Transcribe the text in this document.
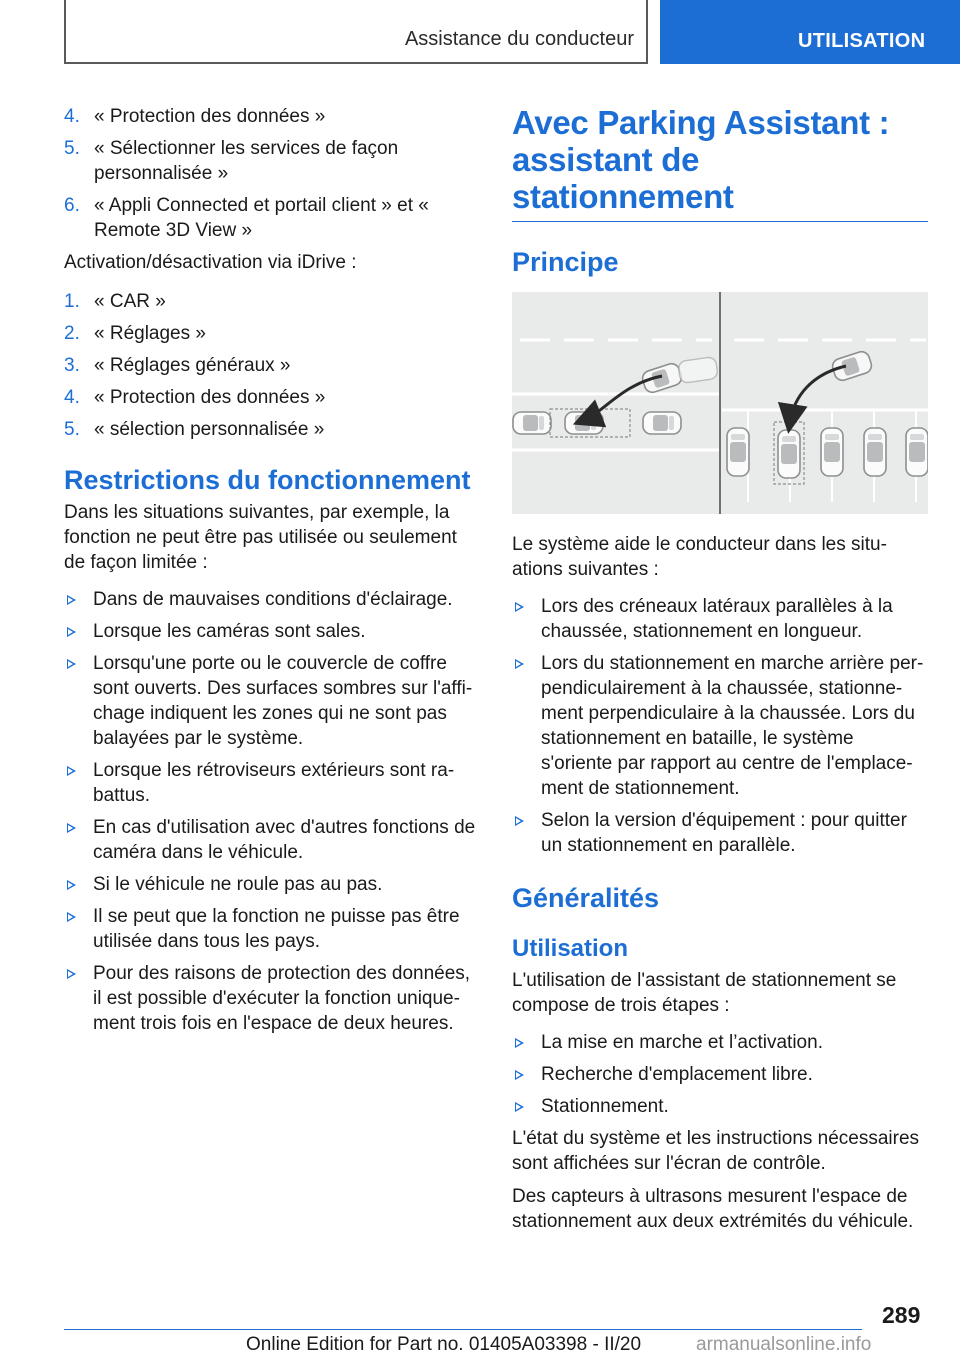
Assistance du conducteur	UTILISATION
4. « Protection des données »
5. « Sélectionner les services de façon personnalisée »
6. « Appli Connected et portail client » et « Remote 3D View »

Activation/désactivation via iDrive :

1. « CAR »
2. « Réglages »
3. « Réglages généraux »
4. « Protection des données »
5. « sélection personnalisée »
Restrictions du fonctionnement

Dans les situations suivantes, par exemple, la fonction ne peut être pas utilisée ou seulement de façon limitée :

Dans de mauvaises conditions d'éclairage.
Lorsque les caméras sont sales.
Lorsqu'une porte ou le couvercle de coffre sont ouverts. Des surfaces sombres sur l'affichage indiquent les zones qui ne sont pas balayées par le système.
Lorsque les rétroviseurs extérieurs sont rabattus.
En cas d'utilisation avec d'autres fonctions de caméra dans le véhicule.
Si le véhicule ne roule pas au pas.
Il se peut que la fonction ne puisse pas être utilisée dans tous les pays.
Pour des raisons de protection des données, il est possible d'exécuter la fonction uniquement trois fois en l'espace de deux heures.
Avec Parking Assistant : assistant de stationnement
Principe

Le système aide le conducteur dans les situations suivantes :

Lors des créneaux latéraux parallèles à la chaussée, stationnement en longueur.
Lors du stationnement en marche arrière perpendiculairement à la chaussée, stationnement perpendiculaire à la chaussée. Lors du stationnement en bataille, le système s'oriente par rapport au centre de l'emplacement de stationnement.
Selon la version d'équipement : pour quitter un stationnement en parallèle.
Généralités
Utilisation

L'utilisation de l'assistant de stationnement se compose de trois étapes :

La mise en marche et l’activation.
Recherche d'emplacement libre.
Stationnement.

L'état du système et les instructions nécessaires sont affichées sur l'écran de contrôle.

Des capteurs à ultrasons mesurent l'espace de stationnement aux deux extrémités du véhicule.

289
Online Edition for Part no. 01405A03398 - II/20	armanualsonline.info
